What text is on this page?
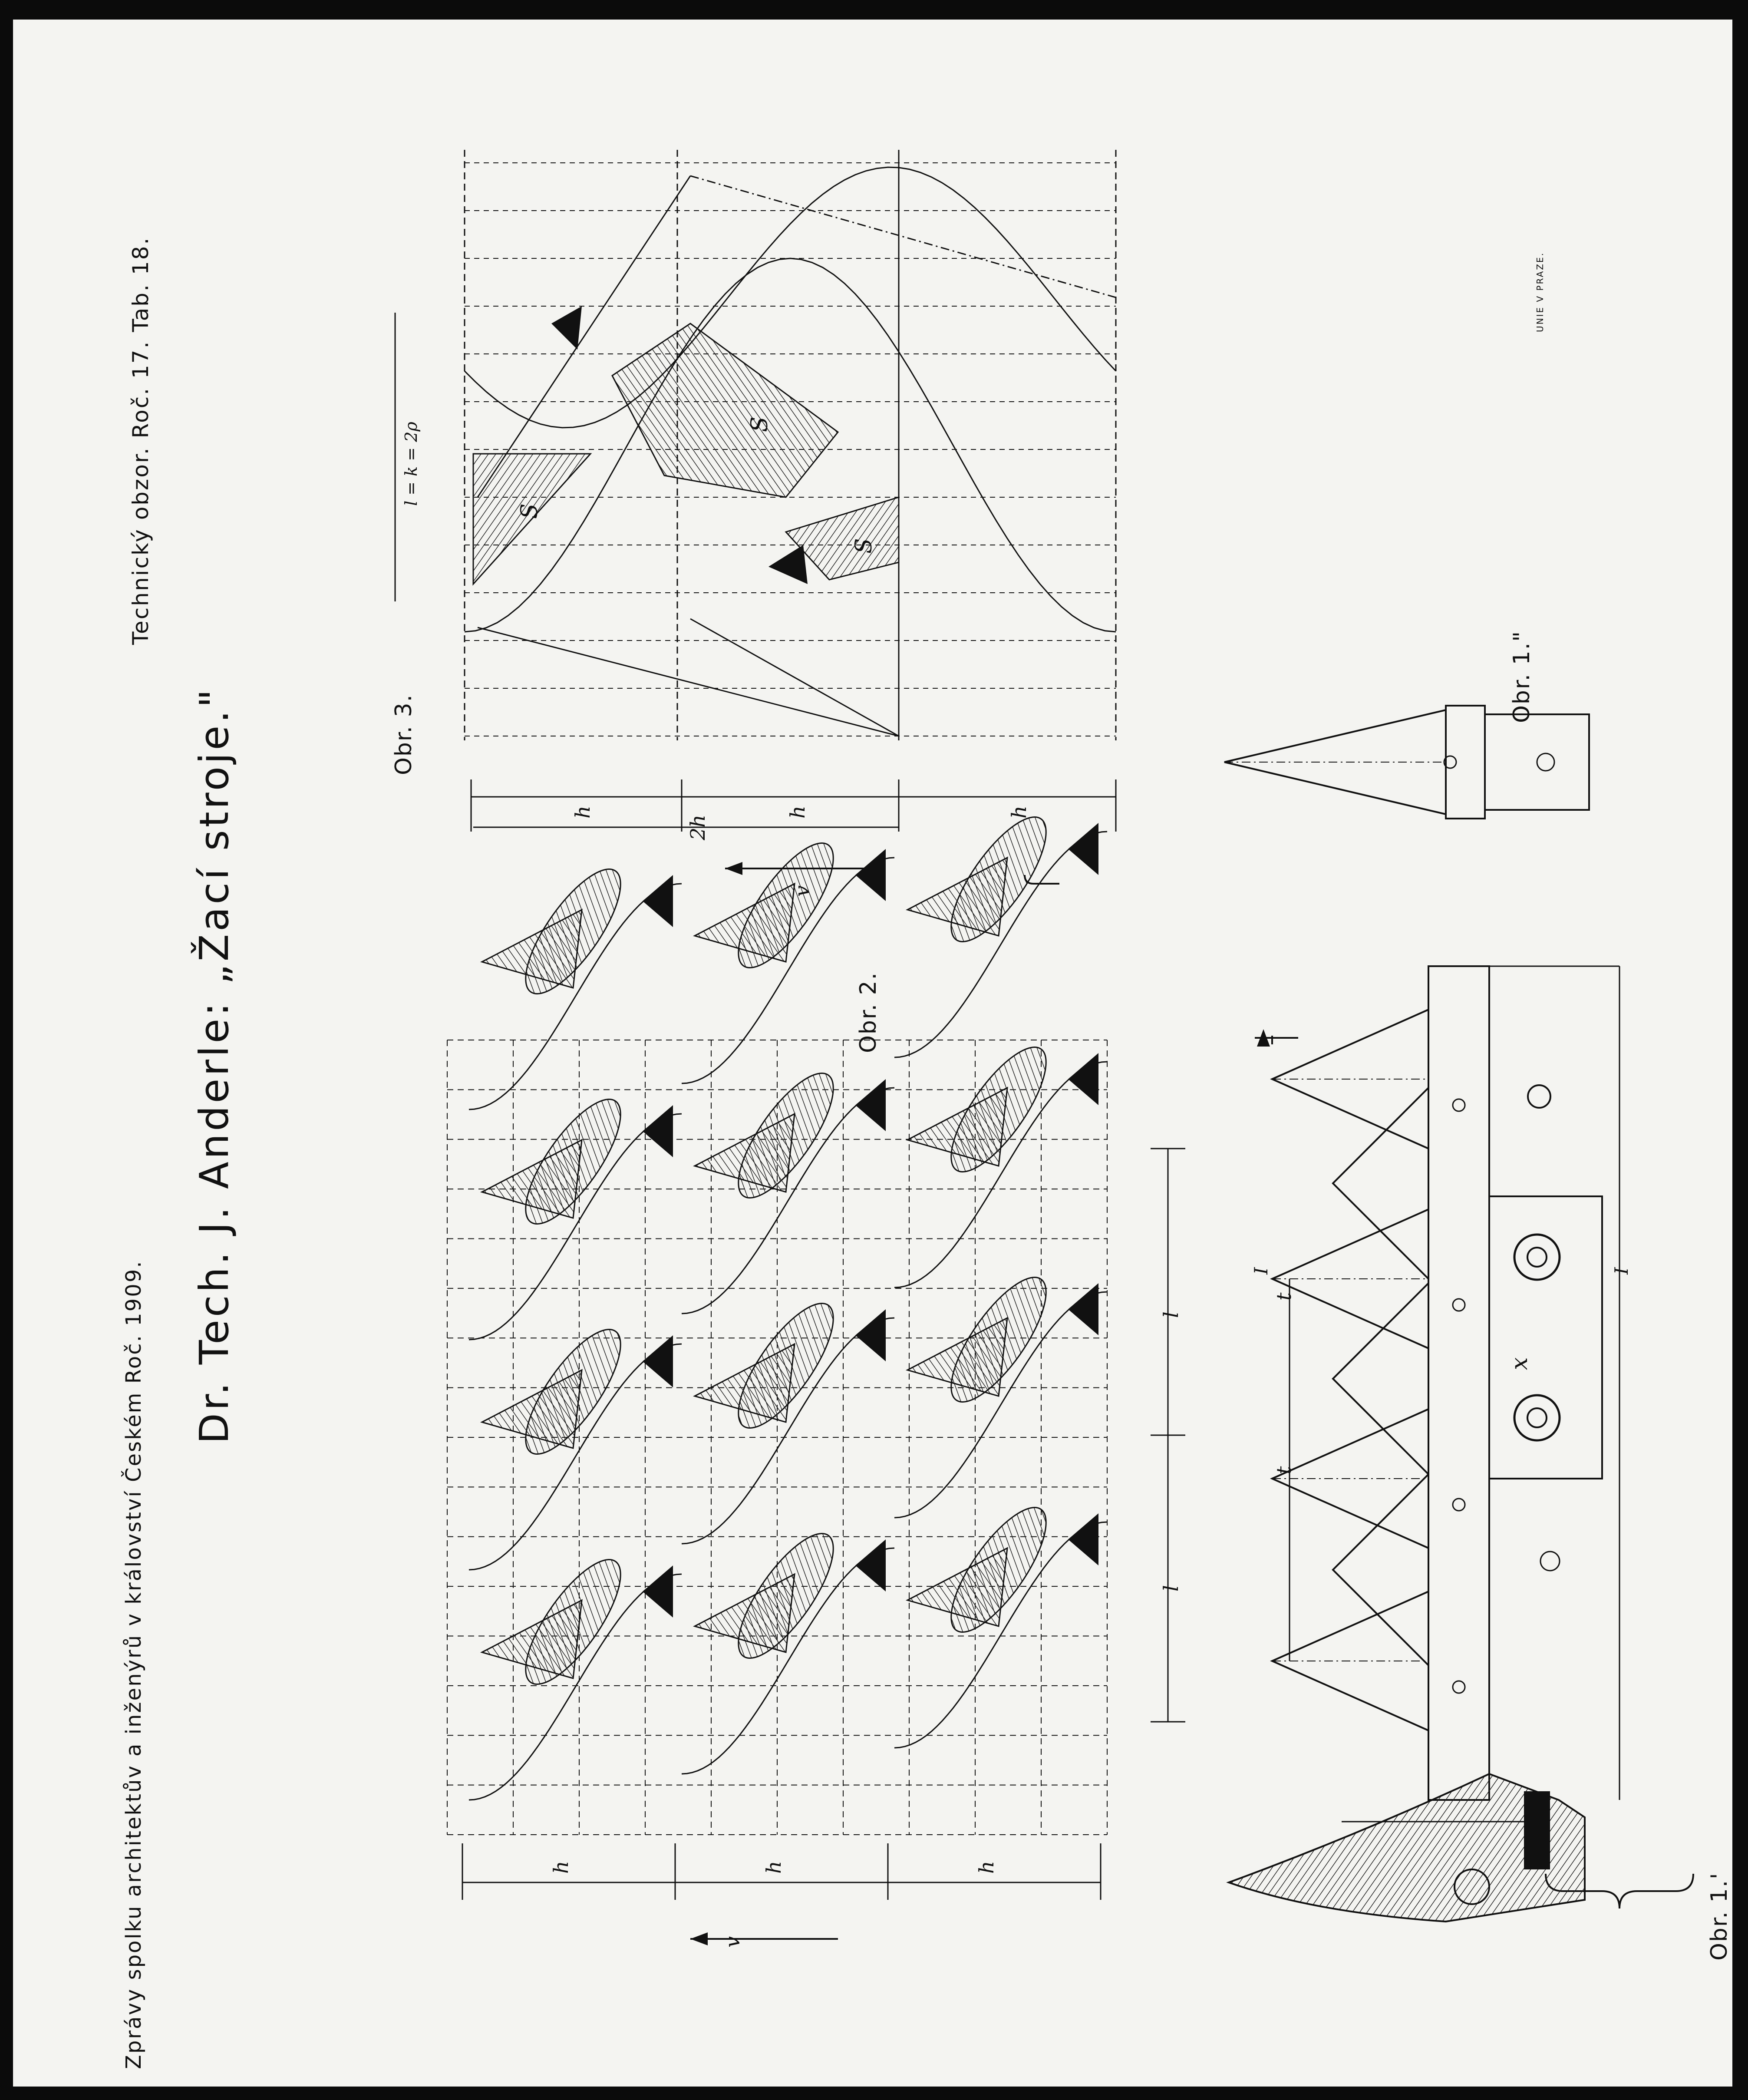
Zprávy spolku architektův a inženýrů v království Českém Roč. 1909.
Dr. Tech. J. Anderle: „Žací stroje."
Technický obzor. Roč. 17. Tab. 18.	UNIE V PRAZE.
Obr. 2.
Obr. 3.
Obr. 1."
Obr. 1.'
h	h	h
v
l
l
h	h	h
2h
v
l = k = 2ρ
S
S
S
t
t
x
I	I
